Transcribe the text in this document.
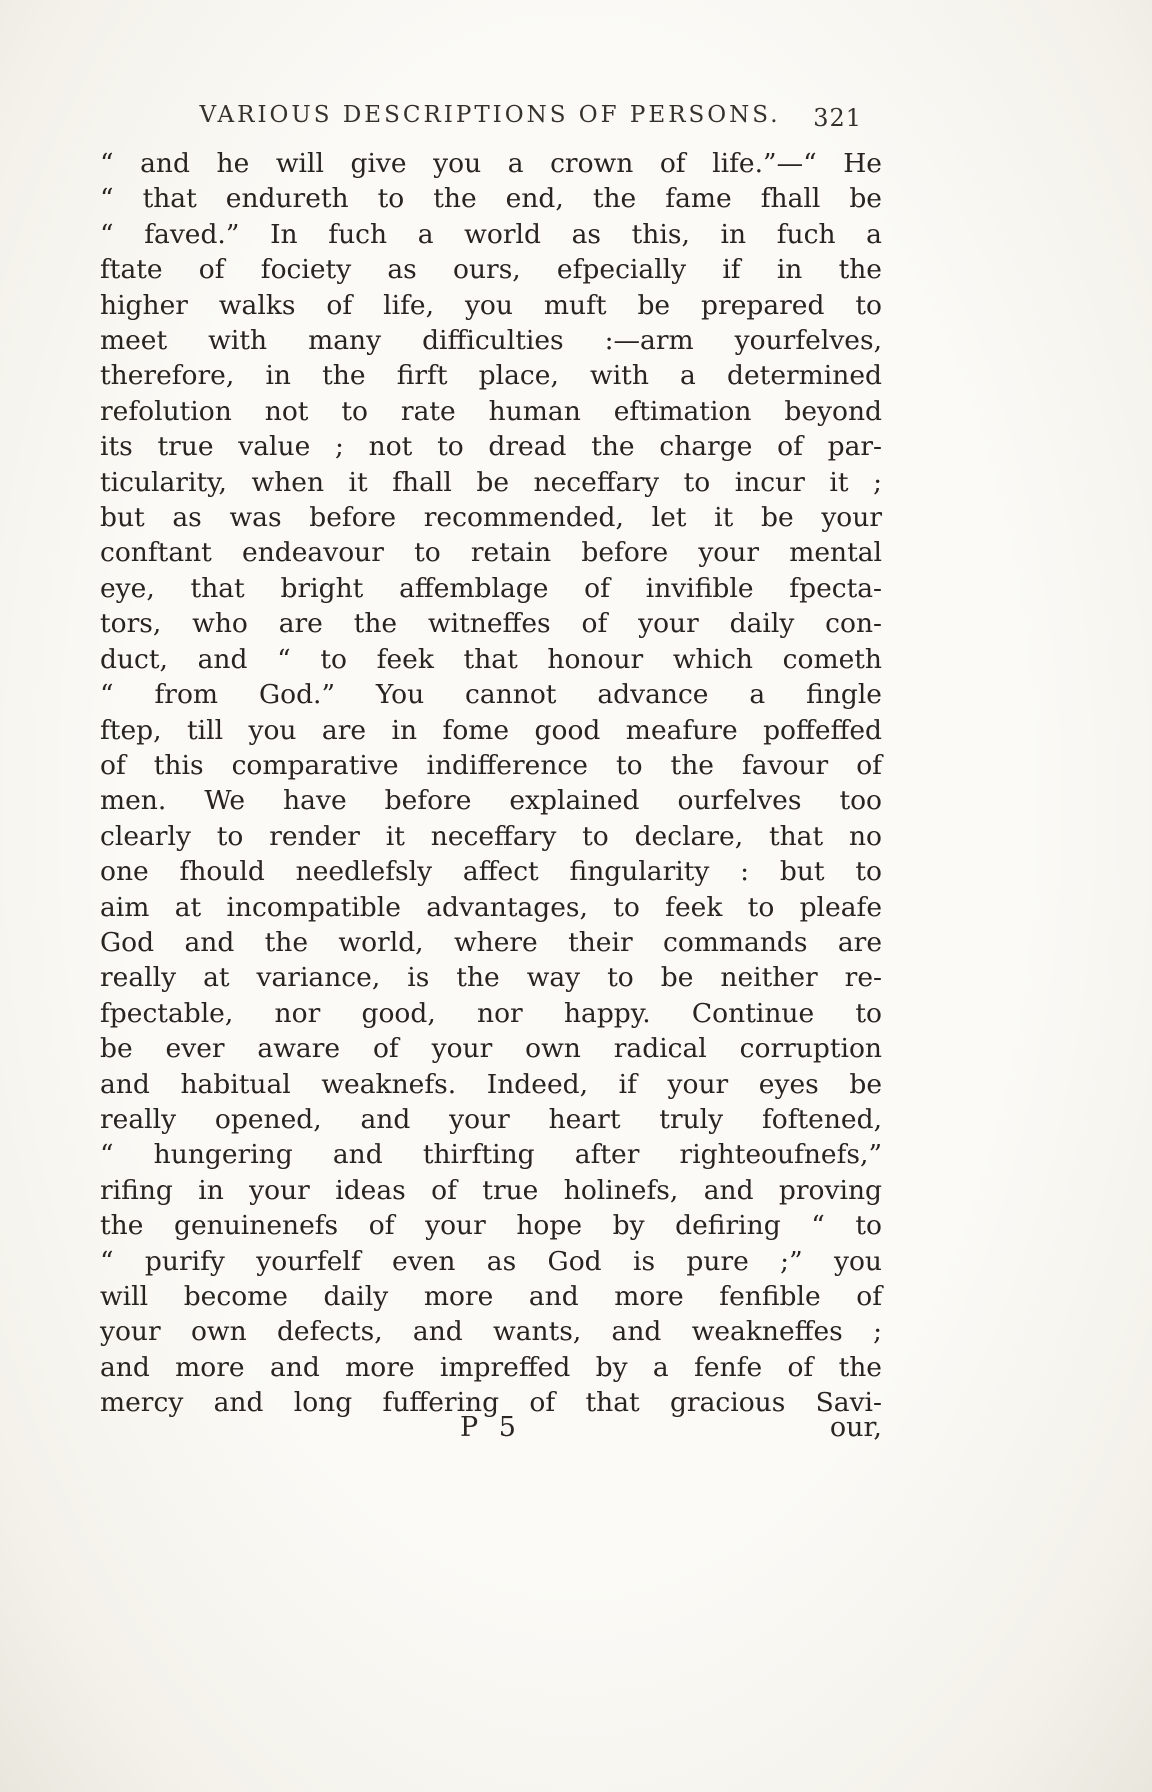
VARIOUS DESCRIPTIONS OF PERSONS. 321
“ and he will give you a crown of life.”—“ He
“ that endureth to the end, the fame fhall be
“ faved.” In fuch a world as this, in fuch a
ftate of fociety as ours, efpecially if in the
higher walks of life, you muft be prepared to
meet with many difficulties :—arm yourfelves,
therefore, in the firft place, with a determined
refolution not to rate human eftimation beyond
its true value ; not to dread the charge of par-
ticularity, when it fhall be neceffary to incur it ;
but as was before recommended, let it be your
conftant endeavour to retain before your mental
eye, that bright affemblage of invifible fpecta-
tors, who are the witneffes of your daily con-
duct, and “ to feek that honour which cometh
“ from God.” You cannot advance a fingle
ftep, till you are in fome good meafure poffeffed
of this comparative indifference to the favour of
men. We have before explained ourfelves too
clearly to render it neceffary to declare, that no
one fhould needlefsly affect fingularity : but to
aim at incompatible advantages, to feek to pleafe
God and the world, where their commands are
really at variance, is the way to be neither re-
fpectable, nor good, nor happy. Continue to
be ever aware of your own radical corruption
and habitual weaknefs. Indeed, if your eyes be
really opened, and your heart truly foftened,
“ hungering and thirfting after righteoufnefs,”
rifing in your ideas of true holinefs, and proving
the genuinenefs of your hope by defiring “ to
“ purify yourfelf even as God is pure ;” you
will become daily more and more fenfible of
your own defects, and wants, and weakneffes ;
and more and more impreffed by a fenfe of the
mercy and long fuffering of that gracious Savi-
P 5	our,
